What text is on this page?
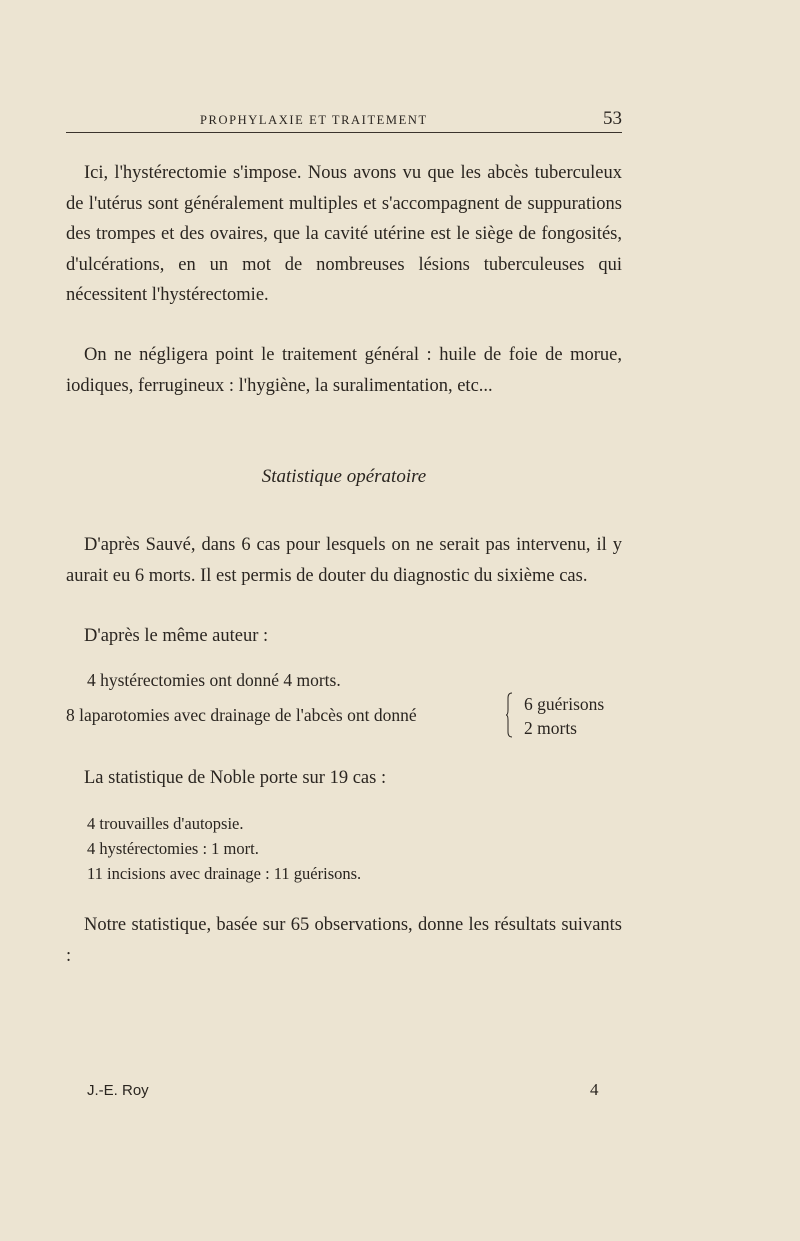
PROPHYLAXIE ET TRAITEMENT	53

Ici, l'hystérectomie s'impose. Nous avons vu que les abcès tuberculeux de l'utérus sont généralement multiples et s'accompagnent de suppurations des trompes et des ovaires, que la cavité utérine est le siège de fongosités, d'ulcérations, en un mot de nombreuses lésions tuberculeuses qui nécessitent l'hystérectomie.

On ne négligera point le traitement général : huile de foie de morue, iodiques, ferrugineux : l'hygiène, la suralimentation, etc...

Statistique opératoire

D'après Sauvé, dans 6 cas pour lesquels on ne serait pas intervenu, il y aurait eu 6 morts. Il est permis de douter du diagnostic du sixième cas.

D'après le même auteur :

4 hystérectomies ont donné 4 morts.
8 laparotomies avec drainage de l'abcès ont donné
6 guérisons
2 morts

La statistique de Noble porte sur 19 cas :

4 trouvailles d'autopsie.
4 hystérectomies : 1 mort.
11 incisions avec drainage : 11 guérisons.

Notre statistique, basée sur 65 observations, donne les résultats suivants :

J.-E. Roy	4
